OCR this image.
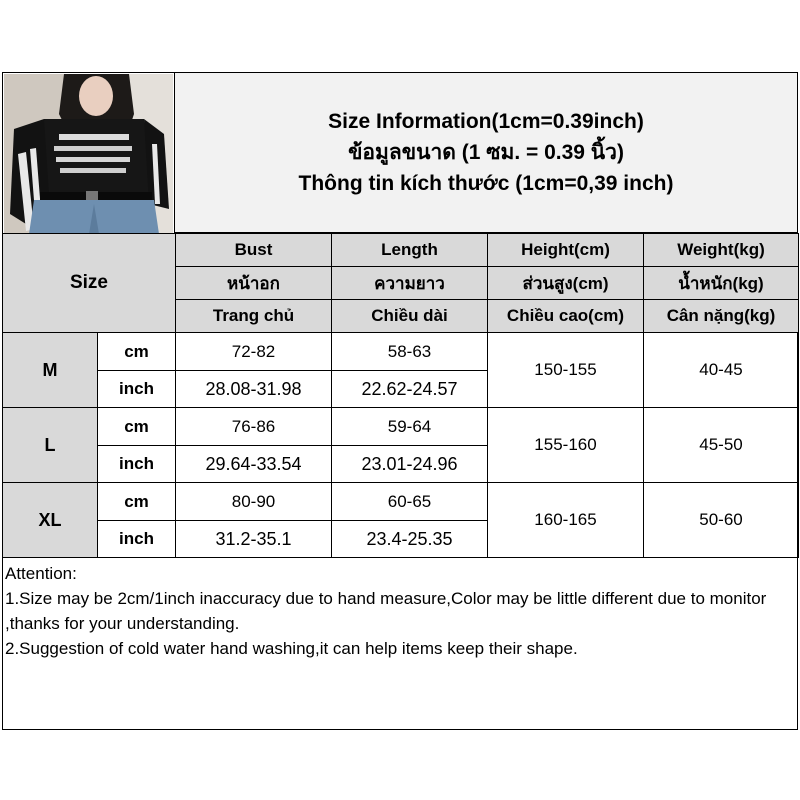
Size Information(1cm=0.39inch)
ข้อมูลขนาด (1 ซม. = 0.39 นิ้ว)
Thông tin kích thước (1cm=0,39 inch)
Size		Bust	Length	Height(cm)	Weight(kg)
		หน้าอก	ความยาว	ส่วนสูง(cm)	น้ำหนัก(kg)
		Trang chủ	Chiều dài	Chiều cao(cm)	Cân nặng(kg)
M	cm	72-82	58-63	150-155	40-45
	inch	28.08-31.98	22.62-24.57		
L	cm	76-86	59-64	155-160	45-50
	inch	29.64-33.54	23.01-24.96		
XL	cm	80-90	60-65	160-165	50-60
	inch	31.2-35.1	23.4-25.35		
Attention:
1.Size may be 2cm/1inch inaccuracy due to hand measure,Color may be little different due to monitor ,thanks for your understanding.
2.Suggestion of cold water hand washing,it can help items keep their shape.
